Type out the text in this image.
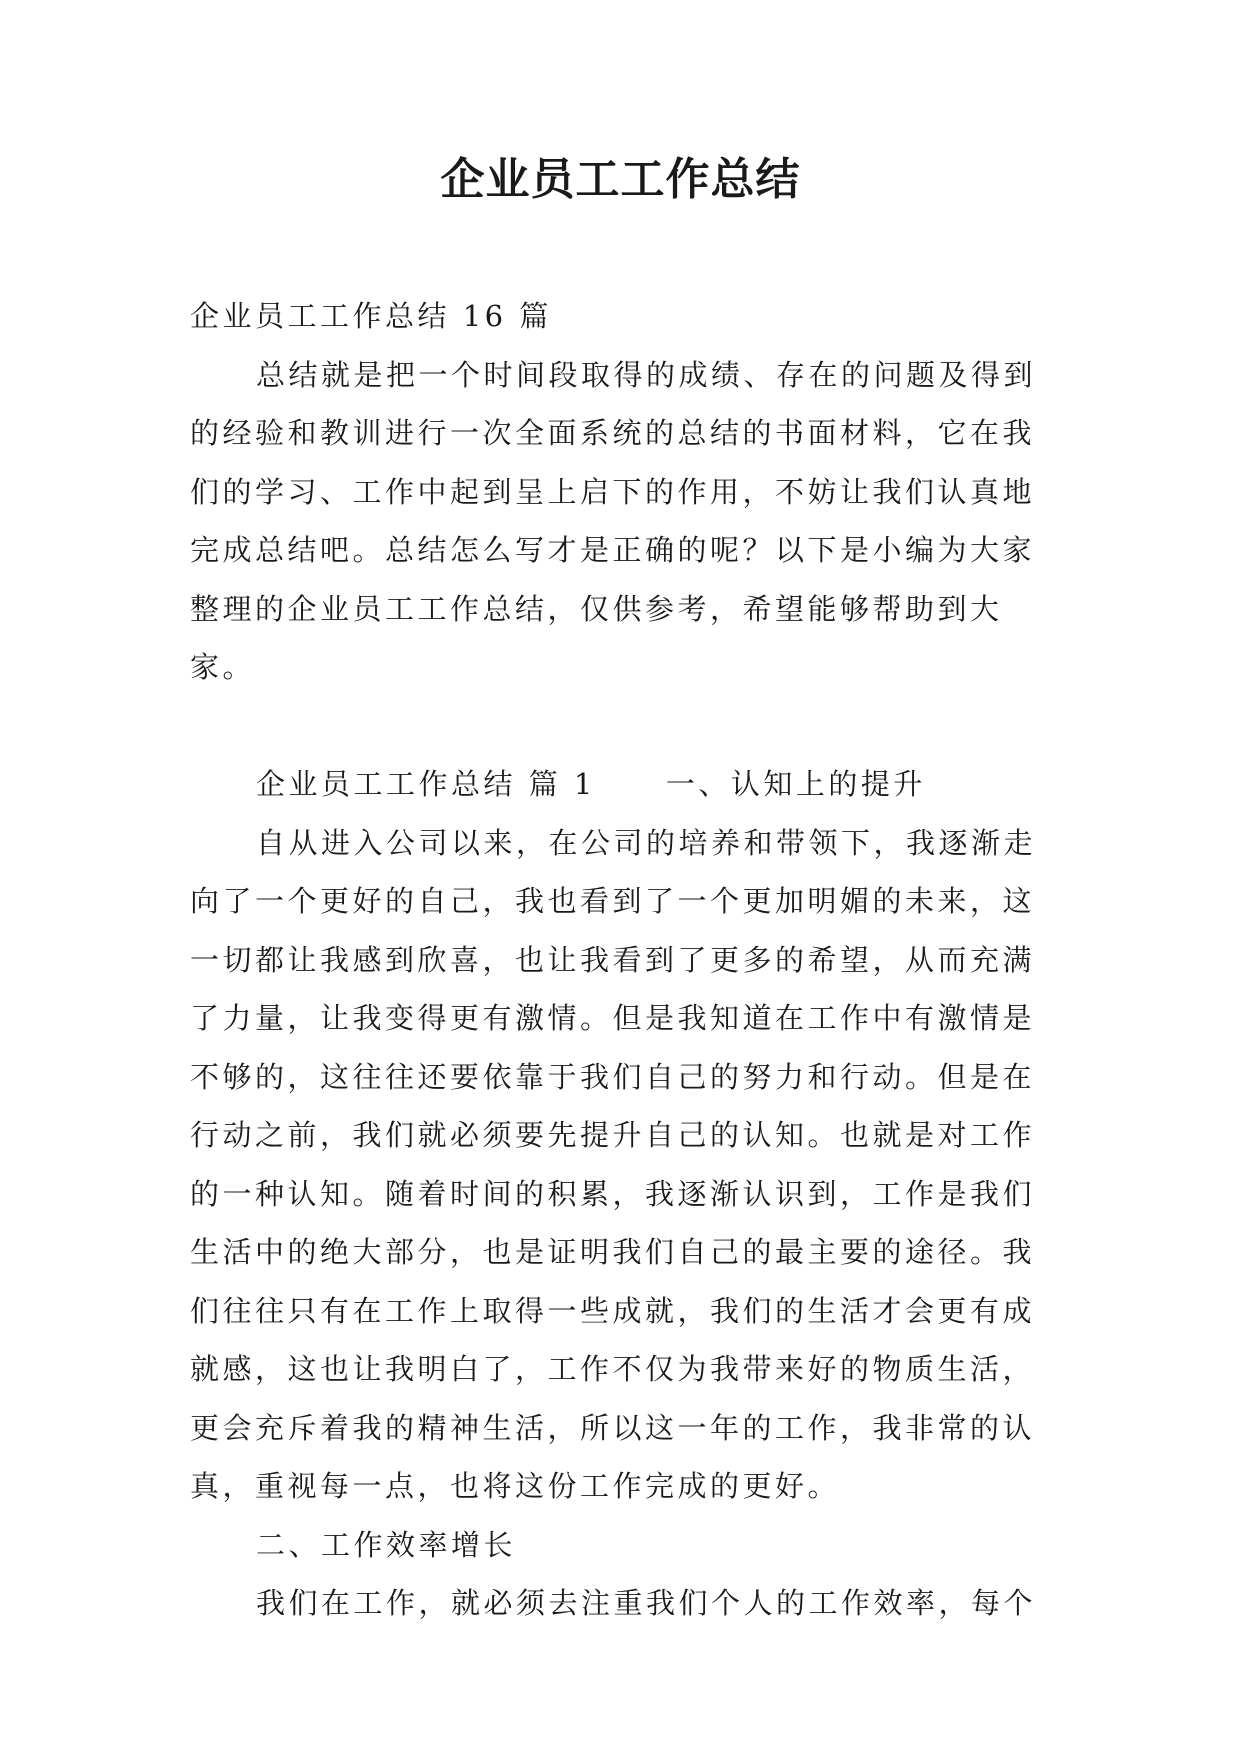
企业员工工作总结

企业员工工作总结 16 篇

总结就是把一个时间段取得的成绩、存在的问题及得到的经验和教训进行一次全面系统的总结的书面材料，它在我们的学习、工作中起到呈上启下的作用，不妨让我们认真地完成总结吧。总结怎么写才是正确的呢？以下是小编为大家整理的企业员工工作总结，仅供参考，希望能够帮助到大家。

企业员工工作总结 篇 1 一、认知上的提升

自从进入公司以来，在公司的培养和带领下，我逐渐走向了一个更好的自己，我也看到了一个更加明媚的未来，这一切都让我感到欣喜，也让我看到了更多的希望，从而充满了力量，让我变得更有激情。但是我知道在工作中有激情是不够的，这往往还要依靠于我们自己的努力和行动。但是在行动之前，我们就必须要先提升自己的认知。也就是对工作的一种认知。随着时间的积累，我逐渐认识到，工作是我们生活中的绝大部分，也是证明我们自己的最主要的途径。我们往往只有在工作上取得一些成就，我们的生活才会更有成就感，这也让我明白了，工作不仅为我带来好的物质生活，更会充斥着我的精神生活，所以这一年的工作，我非常的认真，重视每一点，也将这份工作完成的更好。

二、工作效率增长

我们在工作，就必须去注重我们个人的工作效率，每个
